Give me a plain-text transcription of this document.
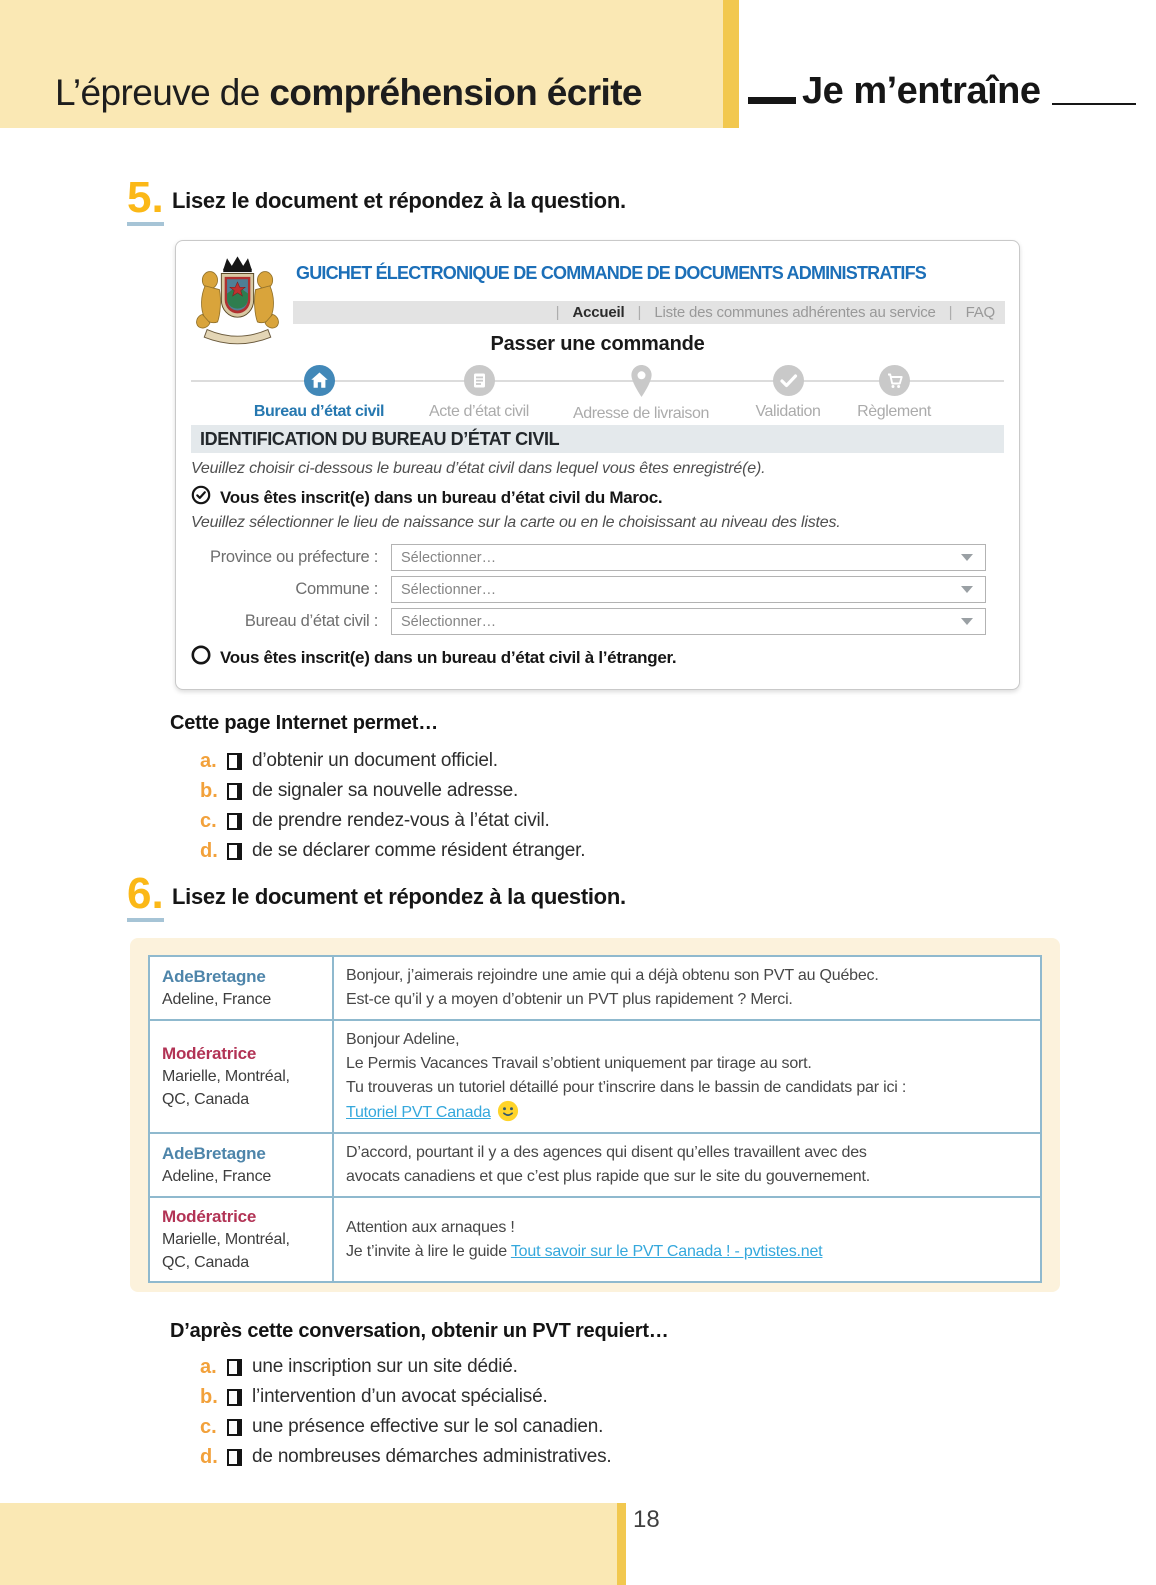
L’épreuve de compréhension écrite	Je m’entraîne
5. Lisez le document et répondez à la question.
GUICHET ÉLECTRONIQUE DE COMMANDE DE DOCUMENTS ADMINISTRATIFS
| Accueil | Liste des communes adhérentes au service | FAQ
Passer une commande
Bureau d’état civil	Acte d’état civil	Adresse de livraison	Validation	Règlement
IDENTIFICATION DU BUREAU D’ÉTAT CIVIL
Veuillez choisir ci-dessous le bureau d’état civil dans lequel vous êtes enregistré(e).
Vous êtes inscrit(e) dans un bureau d’état civil du Maroc.
Veuillez sélectionner le lieu de naissance sur la carte ou en le choisissant au niveau des listes.
Province ou préfecture :	Sélectionner…
Commune :	Sélectionner…
Bureau d’état civil :	Sélectionner…
Vous êtes inscrit(e) dans un bureau d’état civil à l’étranger.
Cette page Internet permet…
a.	d’obtenir un document officiel.
b.	de signaler sa nouvelle adresse.
c.	de prendre rendez-vous à l’état civil.
d.	de se déclarer comme résident étranger.
6. Lisez le document et répondez à la question.
AdeBretagne
Adeline, France
	Bonjour, j’aimerais rejoindre une amie qui a déjà obtenu son PVT au Québec.
Est-ce qu’il y a moyen d’obtenir un PVT plus rapidement ? Merci.

Modératrice
Marielle, Montréal, QC, Canada
	Bonjour Adeline,
Le Permis Vacances Travail s’obtient uniquement par tirage au sort.
Tu trouveras un tutoriel détaillé pour t’inscrire dans le bassin de candidats par ici :
Tutoriel PVT Canada

AdeBretagne
Adeline, France
	D’accord, pourtant il y a des agences qui disent qu’elles travaillent avec des
avocats canadiens et que c’est plus rapide que sur le site du gouvernement.

Modératrice
Marielle, Montréal, QC, Canada
	Attention aux arnaques !
Je t’invite à lire le guide Tout savoir sur le PVT Canada ! - pvtistes.net
D’après cette conversation, obtenir un PVT requiert…
a.	une inscription sur un site dédié.
b.	l’intervention d’un avocat spécialisé.
c.	une présence effective sur le sol canadien.
d.	de nombreuses démarches administratives.
18
